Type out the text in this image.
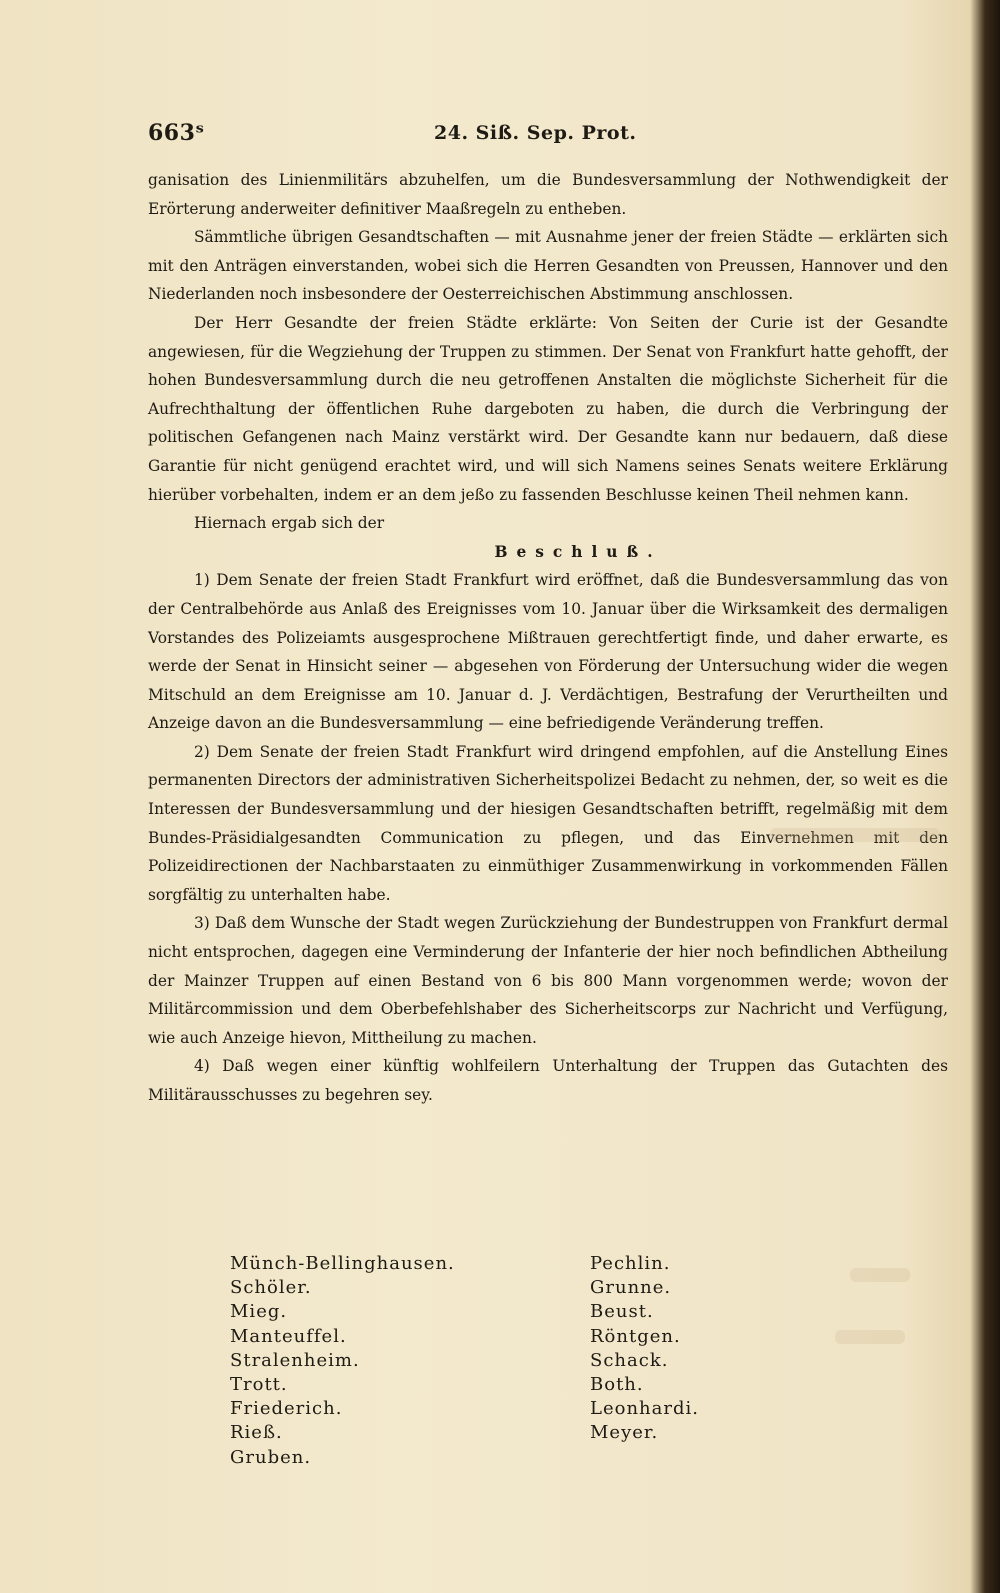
663ˢ	24. Siß. Sep. Prot.

ganisation des Linienmilitärs abzuhelfen, um die Bundesversammlung der Nothwendigkeit der Erörterung anderweiter definitiver Maaßregeln zu entheben.

Sämmtliche übrigen Gesandtschaften — mit Ausnahme jener der freien Städte — erklärten sich mit den Anträgen einverstanden, wobei sich die Herren Gesandten von Preussen, Hannover und den Niederlanden noch insbesondere der Oesterreichischen Abstimmung anschlossen.

Der Herr Gesandte der freien Städte erklärte: Von Seiten der Curie ist der Gesandte angewiesen, für die Wegziehung der Truppen zu stimmen. Der Senat von Frankfurt hatte gehofft, der hohen Bundesversammlung durch die neu getroffenen Anstalten die möglichste Sicherheit für die Aufrechthaltung der öffentlichen Ruhe dargeboten zu haben, die durch die Verbringung der politischen Gefangenen nach Mainz verstärkt wird. Der Gesandte kann nur bedauern, daß diese Garantie für nicht genügend erachtet wird, und will sich Namens seines Senats weitere Erklärung hierüber vorbehalten, indem er an dem jeßo zu fassenden Beschlusse keinen Theil nehmen kann.

Hiernach ergab sich der

Beschluß.

1) Dem Senate der freien Stadt Frankfurt wird eröffnet, daß die Bundesversammlung das von der Centralbehörde aus Anlaß des Ereignisses vom 10. Januar über die Wirksamkeit des dermaligen Vorstandes des Polizeiamts ausgesprochene Mißtrauen gerechtfertigt finde, und daher erwarte, es werde der Senat in Hinsicht seiner — abgesehen von Förderung der Untersuchung wider die wegen Mitschuld an dem Ereignisse am 10. Januar d. J. Verdächtigen, Bestrafung der Verurtheilten und Anzeige davon an die Bundesversammlung — eine befriedigende Veränderung treffen.

2) Dem Senate der freien Stadt Frankfurt wird dringend empfohlen, auf die Anstellung Eines permanenten Directors der administrativen Sicherheitspolizei Bedacht zu nehmen, der, so weit es die Interessen der Bundesversammlung und der hiesigen Gesandtschaften betrifft, regelmäßig mit dem Bundes-Präsidialgesandten Communication zu pflegen, und das Einvernehmen mit den Polizeidirectionen der Nachbarstaaten zu einmüthiger Zusammenwirkung in vorkommenden Fällen sorgfältig zu unterhalten habe.

3) Daß dem Wunsche der Stadt wegen Zurückziehung der Bundestruppen von Frankfurt dermal nicht entsprochen, dagegen eine Verminderung der Infanterie der hier noch befindlichen Abtheilung der Mainzer Truppen auf einen Bestand von 6 bis 800 Mann vorgenommen werde; wovon der Militärcommission und dem Oberbefehlshaber des Sicherheitscorps zur Nachricht und Verfügung, wie auch Anzeige hievon, Mittheilung zu machen.

4) Daß wegen einer künftig wohlfeilern Unterhaltung der Truppen das Gutachten des Militärausschusses zu begehren sey.

Münch-Bellinghausen.
Schöler.
Mieg.
Manteuffel.
Stralenheim.
Trott.
Friederich.
Rieß.
Gruben.
Pechlin.
Grunne.
Beust.
Röntgen.
Schack.
Both.
Leonhardi.
Meyer.
